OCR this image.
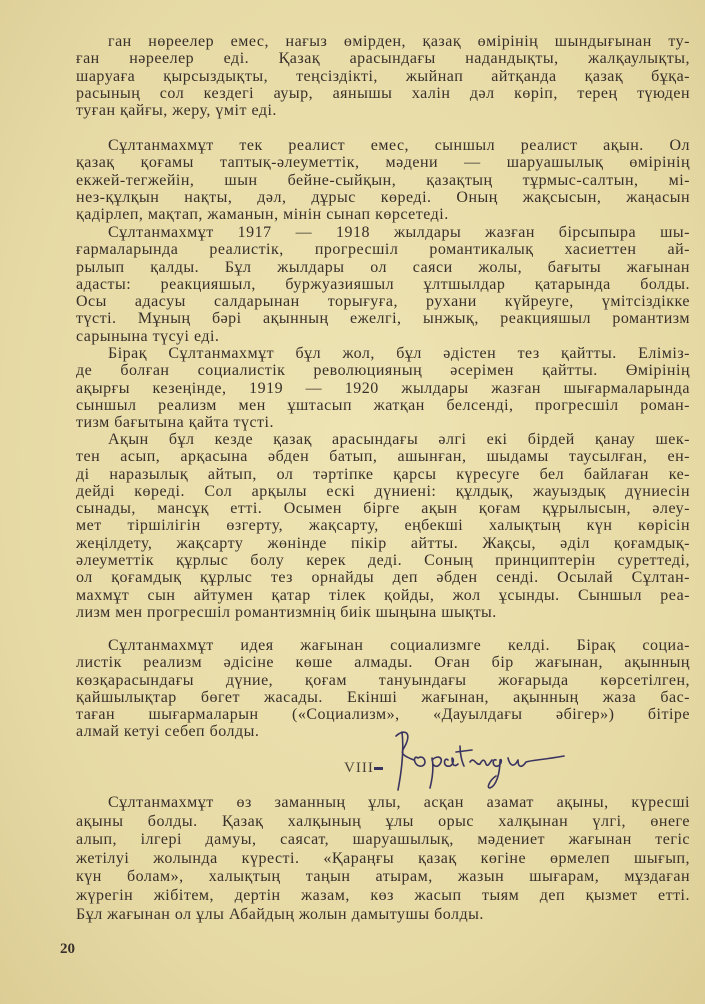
ган нөреелер емес, нағыз өмірден, қазақ өмірінің шындығынан ту-
ған нәреелер еді. Қазақ арасындағы надандықты, жалқаулықты,
шаруаға қырсыздықты, теңсіздікті, жыйнап айтқанда қазақ бұқа-
расының сол кездегі ауыр, аянышы халін дәл көріп, терең түюден
туған қайғы, жеру, үміт еді.
Сұлтанмахмұт тек реалист емес, сыншыл реалист ақын. Ол
қазақ қоғамы таптық-әлеуметтік, мәдени — шаруашылық өмірінің
екжей-тегжейін, шын бейне-сыйқын, қазақтың тұрмыс-салтын, мі-
нез-құлқын нақты, дәл, дұрыс көреді. Оның жақсысын, жаңасын
қадірлеп, мақтап, жаманын, мінін сынап көрсетеді.
Сұлтанмахмұт 1917 — 1918 жылдары жазған бірсыпыра шы-
ғармаларында реалистік, прогресшіл романтикалық хасиеттен ай-
рылып қалды. Бұл жылдары ол саяси жолы, бағыты жағынан
адасты: реакцияшыл, буржуазияшыл ұлтшылдар қатарында болды.
Осы адасуы салдарынан торығуға, рухани күйреуге, үмітсіздікке
түсті. Мұның бәрі ақынның ежелгі, ынжық, реакцияшыл романтизм
сарынына түсуі еді.
Бірақ Сұлтанмахмұт бұл жол, бұл әдістен тез қайтты. Еліміз-
де болған социалистік революцияның әсерімен қайтты. Өмірінің
ақырғы кезеңінде, 1919 — 1920 жылдары жазған шығармаларында
сыншыл реализм мен ұштасып жатқан белсенді, прогресшіл роман-
тизм бағытына қайта түсті.
Ақын бұл кезде қазақ арасындағы әлгі екі бірдей қанау шек-
тен асып, арқасына әбден батып, ашынған, шыдамы таусылған, ен-
ді наразылық айтып, ол тәртіпке қарсы күресуге бел байлаған ке-
дейді көреді. Сол арқылы ескі дүниені: құлдық, жауыздық дүниесін
сынады, мансұқ етті. Осымен бірге ақын қоғам құрылысын, әлеу-
мет тіршілігін өзгерту, жақсарту, еңбекші халықтың күн көрісін
жеңілдету, жақсарту жөнінде пікір айтты. Жақсы, әділ қоғамдық-
әлеуметтік құрлыс болу керек деді. Соның принциптерін суреттеді,
ол қоғамдық құрлыс тез орнайды деп әбден сенді. Осылай Сұлтан-
махмұт сын айтумен қатар тілек қойды, жол ұсынды. Сыншыл реа-
лизм мен прогресшіл романтизмнің биік шыңына шықты.
Сұлтанмахмұт идея жағынан социализмге келді. Бірақ социа-
листік реализм әдісіне көше алмады. Оған бір жағынан, ақынның
көзқарасындағы дүние, қоғам тануындағы жоғарыда көрсетілген,
қайшылықтар бөгет жасады. Екінші жағынан, ақынның жаза бас-
таған шығармаларын («Социализм», «Дауылдағы әбігер») бітіре
алмай кетуі себеп болды.
VIII
Сұлтанмахмұт өз заманның ұлы, асқан азамат ақыны, күресші
ақыны болды. Қазақ халқының ұлы орыс халқынан үлгі, өнеге
алып, ілгері дамуы, саясат, шаруашылық, мәдениет жағынан тегіс
жетілуі жолында күресті. «Қараңғы қазақ көгіне өрмелеп шығып,
күн болам», халықтың таңын атырам, жазын шығарам, мұздаған
жүрегін жібітем, дертін жазам, көз жасып тыям деп қызмет етті.
Бұл жағынан ол ұлы Абайдың жолын дамытушы болды.
20
